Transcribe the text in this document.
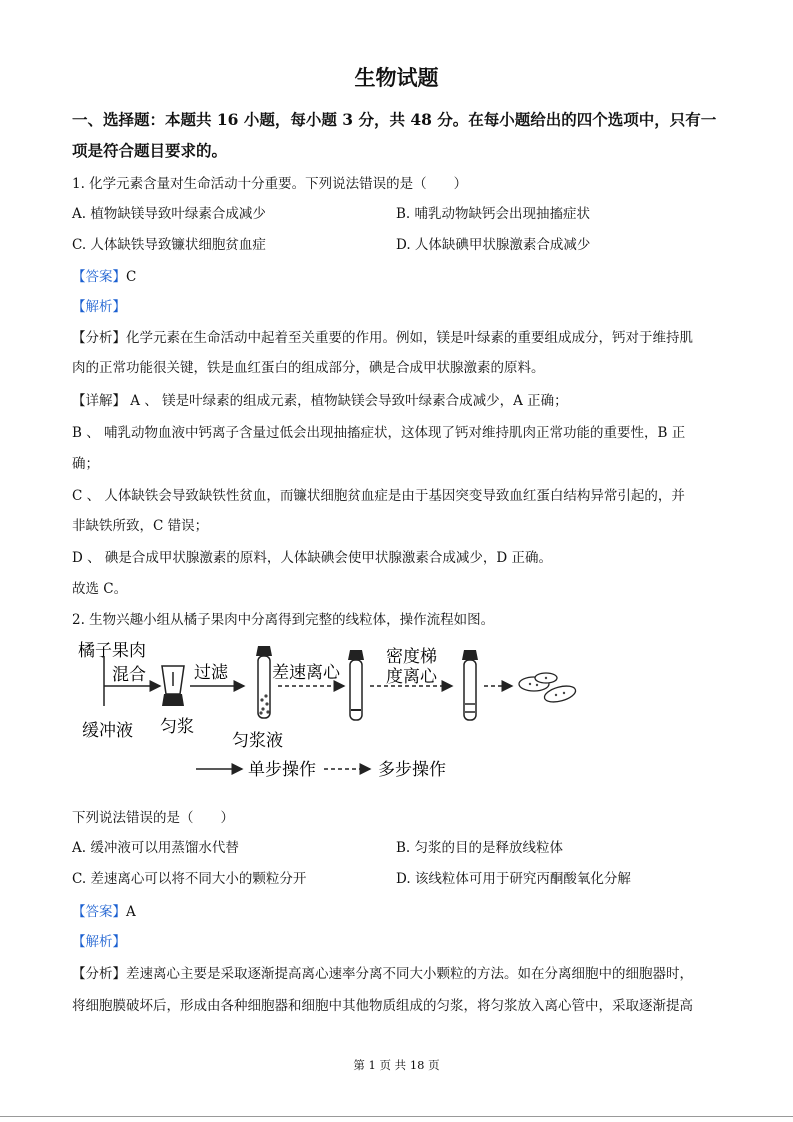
生物试题
一、选择题：本题共 16 小题，每小题 3 分，共 48 分。在每小题给出的四个选项中，只有一
项是符合题目要求的。
1. 化学元素含量对生命活动十分重要。下列说法错误的是（　　）
A. 植物缺镁导致叶绿素合成减少	B. 哺乳动物缺钙会出现抽搐症状
C. 人体缺铁导致镰状细胞贫血症	D. 人体缺碘甲状腺激素合成减少
【答案】C
【解析】
【分析】化学元素在生命活动中起着至关重要的作用。例如，镁是叶绿素的重要组成成分，钙对于维持肌
肉的正常功能很关键，铁是血红蛋白的组成部分，碘是合成甲状腺激素的原料。
【详解】 A 、 镁是叶绿素的组成元素，植物缺镁会导致叶绿素合成减少，A 正确；
B 、 哺乳动物血液中钙离子含量过低会出现抽搐症状，这体现了钙对维持肌肉正常功能的重要性，B 正
确；
C 、 人体缺铁会导致缺铁性贫血，而镰状细胞贫血症是由于基因突变导致血红蛋白结构异常引起的，并
非缺铁所致，C 错误；
D 、 碘是合成甲状腺激素的原料，人体缺碘会使甲状腺激素合成减少，D 正确。
故选 C。
2. 生物兴趣小组从橘子果肉中分离得到完整的线粒体，操作流程如图。
橘子果肉
混合
缓冲液 匀浆
过滤
匀浆液
差速离心
密度梯
度离心
单步操作	多步操作
下列说法错误的是（　　）
A. 缓冲液可以用蒸馏水代替	B. 匀浆的目的是释放线粒体
C. 差速离心可以将不同大小的颗粒分开	D. 该线粒体可用于研究丙酮酸氧化分解
【答案】A
【解析】
【分析】差速离心主要是采取逐渐提高离心速率分离不同大小颗粒的方法。如在分离细胞中的细胞器时，
将细胞膜破坏后，形成由各种细胞器和细胞中其他物质组成的匀浆，将匀浆放入离心管中，采取逐渐提高
第 1 页 共 18 页
